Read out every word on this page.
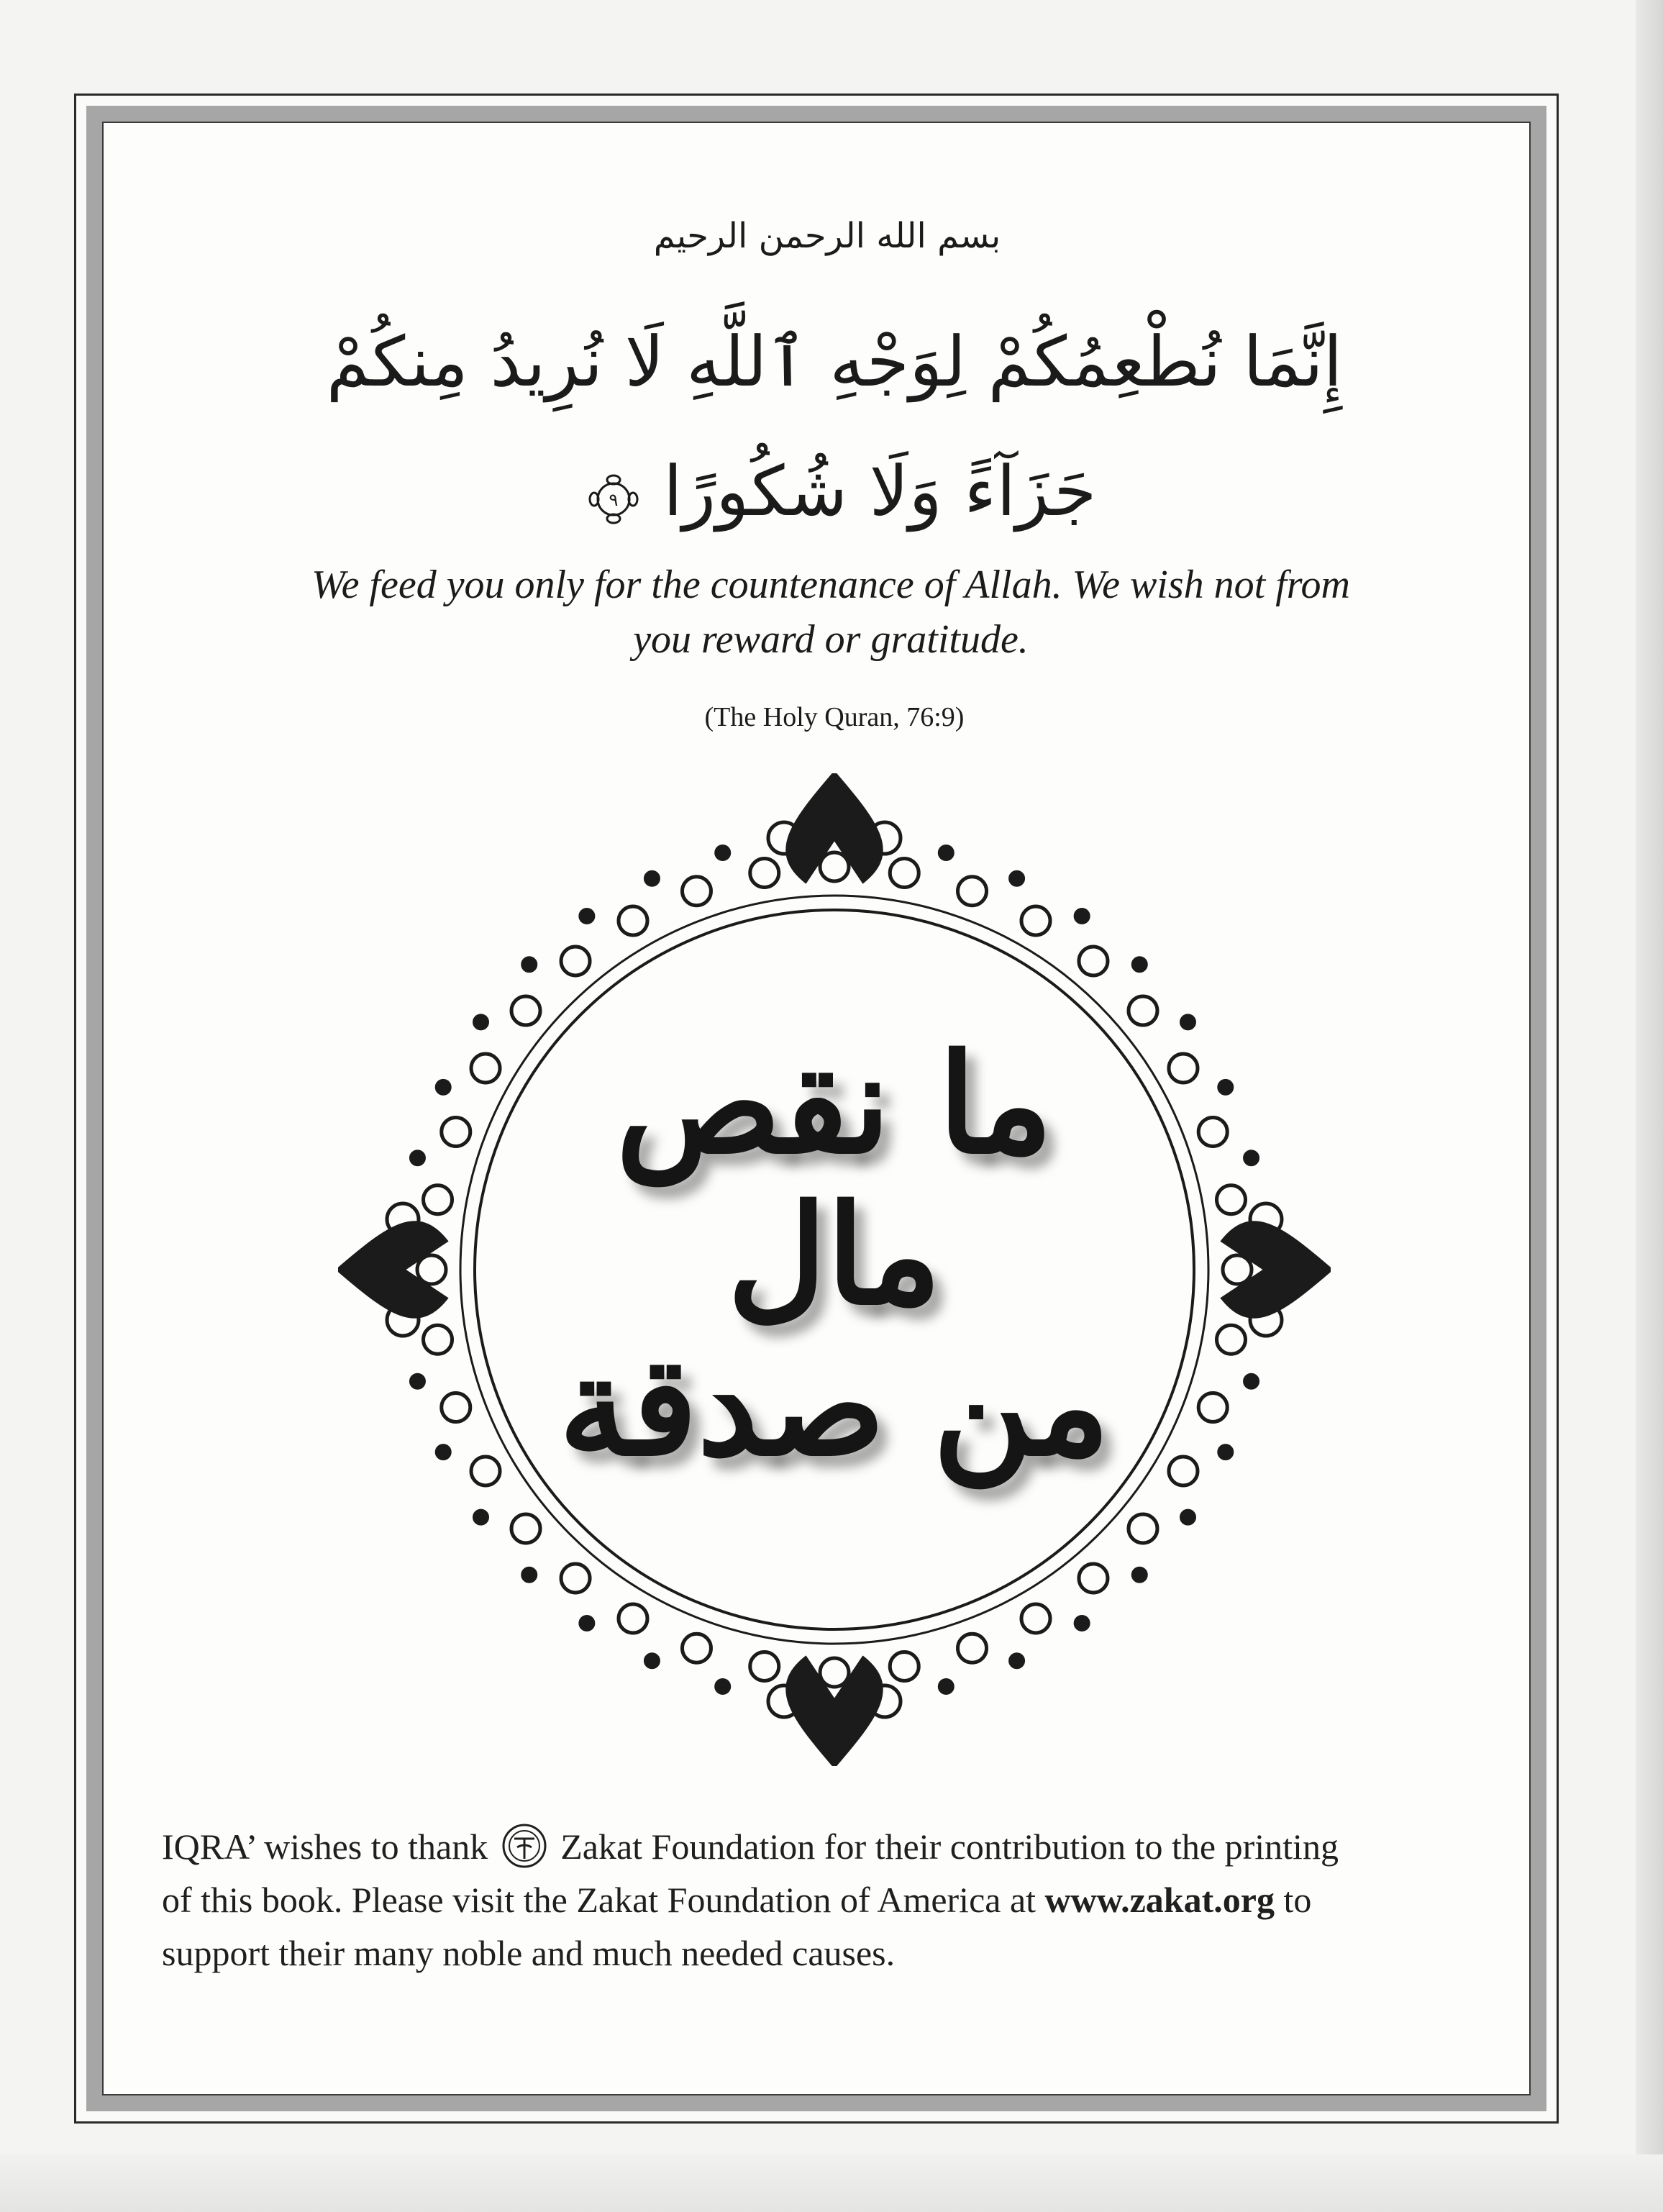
بسم الله الرحمن الرحيم
إِنَّمَا نُطْعِمُكُمْ لِوَجْهِ ٱللَّهِ لَا نُرِيدُ مِنكُمْ
جَزَآءً وَلَا شُكُورًا
٩
We feed you only for the countenance of Allah. We wish not from
you reward or gratitude.
(The Holy Quran, 76:9)
ما نقص مال
من صدقة
IQRA’ wishes to thank Zakat Foundation for their contribution to the printing
of this book. Please visit the Zakat Foundation of America at www.zakat.org to
support their many noble and much needed causes.
